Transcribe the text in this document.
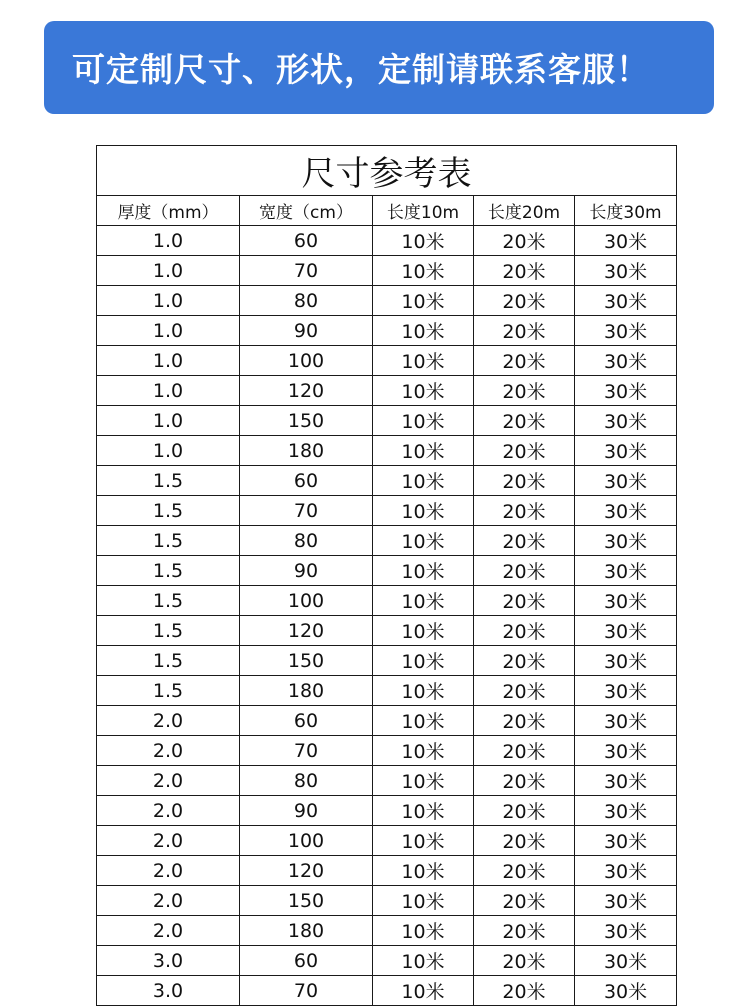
可定制尺寸、形状，定制请联系客服！
尺寸参考表				
厚度（mm）	宽度（cm）	长度10m	长度20m	长度30m
1.0	60	10米	20米	30米
1.0	70	10米	20米	30米
1.0	80	10米	20米	30米
1.0	90	10米	20米	30米
1.0	100	10米	20米	30米
1.0	120	10米	20米	30米
1.0	150	10米	20米	30米
1.0	180	10米	20米	30米
1.5	60	10米	20米	30米
1.5	70	10米	20米	30米
1.5	80	10米	20米	30米
1.5	90	10米	20米	30米
1.5	100	10米	20米	30米
1.5	120	10米	20米	30米
1.5	150	10米	20米	30米
1.5	180	10米	20米	30米
2.0	60	10米	20米	30米
2.0	70	10米	20米	30米
2.0	80	10米	20米	30米
2.0	90	10米	20米	30米
2.0	100	10米	20米	30米
2.0	120	10米	20米	30米
2.0	150	10米	20米	30米
2.0	180	10米	20米	30米
3.0	60	10米	20米	30米
3.0	70	10米	20米	30米
